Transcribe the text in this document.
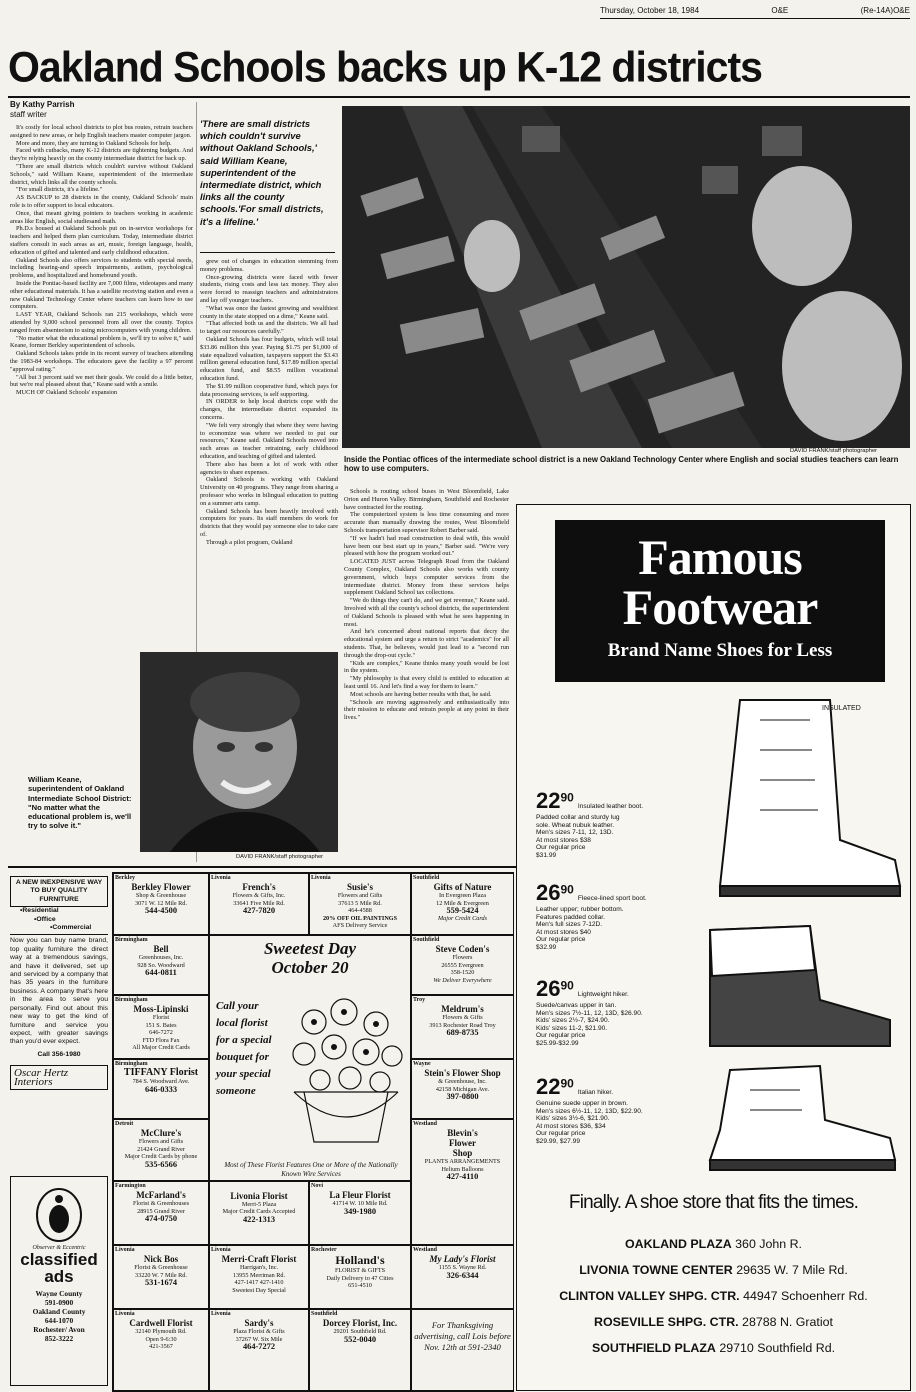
Thursday, October 18, 1984	O&E	(Re-14A)O&E
Oakland Schools backs up K-12 districts
By Kathy Parrish
staff writer

It's costly for local school districts to plot bus routes, retrain teachers assigned to new areas, or help English teachers master computer jargon.

More and more, they are turning to Oakland Schools for help.

Faced with cutbacks, many K-12 districts are tightening budgets. And they're relying heavily on the county intermediate district for back up.

"There are small districts which couldn't survive without Oakland Schools," said William Keane, superintendent of the intermediate district, which links all the county schools.

"For small districts, it's a lifeline."

AS BACKUP to 28 districts in the county, Oakland Schools' main role is to offer support to local educators.

Once, that meant giving pointers to teachers working in academic areas like English, social studiesand math.

Ph.D.s housed at Oakland Schools put on in-service workshops for teachers and helped them plan curriculum. Today, intermediate district staffers consult in such areas as art, music, foreign language, health, education of gifted and talented and early childhood education.

Oakland Schools also offers services to students with special needs, including hearing-and speech impairments, autism, psychological problems, and hospitalized and homebound youth.

Inside the Pontiac-based facility are 7,000 films, videotapes and many other educational materials. It has a satellite receiving station and even a new Oakland Technology Center where teachers can learn how to use computers.

LAST YEAR, Oakland Schools ran 215 workshops, which were attended by 9,000 school personnel from all over the county. Topics ranged from absenteeism to using microcomputers with young children.

"No matter what the educational problem is, we'll try to solve it," said Keane, former Berkley superintendent of schools.

Oakland Schools takes pride in its recent survey of teachers attending the 1983-84 workshops. The educators gave the facility a 97 percent "approval rating."

"All but 3 percent said we met their goals. We could do a little better, but we're real pleased about that," Keane said with a smile.

MUCH OF Oakland Schools' expansion

'There are small districts which couldn't survive without Oakland Schools,' said William Keane, superintendent of the intermediate district, which links all the county schools.'For small districts, it's a lifeline.'

grew out of changes in education stemming from money problems.

Once-growing districts were faced with fewer students, rising costs and less tax money. They also were forced to reassign teachers and administrators and lay off younger teachers.

"What was once the fastest growing and wealthiest county in the state stopped on a dime," Keane said.

"That affected both us and the districts. We all had to target our resources carefully."

Oakland Schools has four budgets, which will total $33.86 million this year. Paying $1.75 per $1,000 of state equalized valuation, taxpayers support the $3.43 million general education fund, $17.89 million special education fund, and $8.55 million vocational education fund.

The $1.99 million cooperative fund, which pays for data processing services, is self supporting.

IN ORDER to help local districts cope with the changes, the intermediate district expanded its concerns.

"We felt very strongly that where they were having to economize was where we needed to put our resources," Keane said. Oakland Schools moved into such areas as teacher retraining, early childhood education, and teaching of gifted and talented.

There also has been a lot of work with other agencies to share expenses.

Oakland Schools is working with Oakland University on 40 programs. They range from sharing a professor who works in bilingual education to putting on a summer arts camp.

Oakland Schools has been heavily involved with computers for years. Its staff members do work for districts that they would pay someone else to take care of.

Through a pilot program, Oakland

DAVID FRANK/staff photographer
Inside the Pontiac offices of the intermediate school district is a new Oakland Technology Center where English and social studies teachers can learn how to use computers.

Schools is routing school buses in West Bloomfield, Lake Orion and Huron Valley. Birmingham, Southfield and Rochester have contracted for the routing.

The computerized system is less time consuming and more accurate than manually drawing the routes, West Bloomfield Schools transportation supervisor Robert Barber said.

"If we hadn't had road construction to deal with, this would have been our best start up in years," Barber said. "We're very pleased with how the program worked out."

LOCATED JUST across Telegraph Road from the Oakland County Complex, Oakland Schools also works with county government, which buys computer services from the intermediate district. Money from these services helps supplement Oakland School tax collections.

"We do things they can't do, and we get revenue," Keane said. Involved with all the county's school districts, the superintendent of Oakland Schools is pleased with what he sees happening in most.

And he's concerned about national reports that decry the educational system and urge a return to strict "academics" for all students. That, he believes, would just lead to a "second run through the drop-out cycle."

"Kids are complex," Keane thinks many youth would be lost in the system.

"My philosophy is that every child is entitled to education at least until 16. And let's find a way for them to learn."

Most schools are having better results with that, he said.

"Schools are moving aggressively and enthusiastically into their mission to educate and retrain people at any point in their lives."

William Keane, superintendent of Oakland Intermediate School District: "No matter what the educational problem is, we'll try to solve it."
DAVID FRANK/staff photographer
A NEW INEXPENSIVE WAY TO BUY QUALITY FURNITURE
•Residential
•Office
•Commercial
Now you can buy name brand, top quality furniture the direct way at a tremendous savings, and have it delivered, set up and serviced by a company that has 35 years in the furniture business. A company that's here in the area to serve you personally. Find out about this new way to get the kind of furniture and service you expect, with greater savings than you'd ever expect.
Call 356-1980
Oscar Hertz
Interiors
Observer & Eccentric
classified
ads
Wayne County
591-0900
Oakland County
644-1070
Rochester/ Avon
852-3222
Berkley
Berkley Flower
Shop & Greenhouse
3071 W. 12 Mile Rd.
544-4500
Livonia
French's
Flowers & Gifts, Inc.
33641 Five Mile Rd.
427-7820
Livonia
Susie's
Flowers and Gifts
37613 5 Mile Rd.
464-4588
20% OFF OIL PAINTINGS
AFS Delivery Service
Southfield
Gifts of Nature
In Evergreen Plaza
12 Mile & Evergreen
559-5424
Major Credit Cards
Birmingham
Bell
Greenhouses, Inc.
928 So. Woodward
644-0811
Birmingham
Moss-Lipinski
Florist
151 S. Bates
646-7272
FTD Flora Fax
All Major Credit Cards
Birmingham
TIFFANY Florist
784 S. Woodward Ave.
646-0333
Detroit
McClure's
Flowers and Gifts
21424 Grand River
Major Credit Cards by phone
535-6566
Sweetest Day
October 20
Call your local florist for a special bouquet for your special someone
Most of These Florist Features One or More of the Nationally Known Wire Services
Southfield
Steve Coden's
Flowers
26555 Evergreen
358-1520
We Deliver Everywhere
Troy
Meldrum's
Flowers & Gifts
3913 Rochester Road Troy
689-8735
Wayne
Stein's Flower Shop
& Greenhouse, Inc.
42158 Michigan Ave.
397-0800
Westland
Blevin's
Flower
Shop
PLANTS ARRANGEMENTS
Helium Balloons
427-4110
Farmington
McFarland's
Florist & Greenhouses
28915 Grand River
474-0750
Livonia Florist
Merri-5 Plaza
Major Credit Cards Accepted
422-1313
Novi
La Fleur Florist
41714 W. 10 Mile Rd.
349-1980
Livonia
Nick Bos
Florist & Greenhouse
33220 W. 7 Mile Rd.
531-1674
Livonia
Merri-Craft Florist
Harrigan's, Inc.
13955 Merriman Rd.
427-1417 427-1410
Sweetest Day Special
Rochester
Holland's
FLORIST & GIFTS
Daily Delivery to 47 Cities
651-4510
Westland
My Lady's Florist
1155 S. Wayne Rd.
326-6344
Livonia
Cardwell Florist
32140 Plymouth Rd.
Open 9-6:30
421-3567
Livonia
Sardy's
Plaza Florist & Gifts
37267 W. Six Mile
464-7272
Southfield
Dorcey Florist, Inc.
29201 Southfield Rd.
552-0040
For Thanksgiving advertising, call Lois before Nov. 12th at 591-2340
Famous
Footwear
Brand Name Shoes for Less
INSULATED
$22^{90}$ Insulated leather boot.
Padded collar and sturdy lug
sole. Wheat nubuk leather.
Men's sizes 7-11, 12, 13D.
At most stores $38
Our regular price
$31.99
$26^{90}$ Fleece-lined sport boot.
Leather upper; rubber bottom.
Features padded collar.
Men's full sizes 7-12D.
At most stores $40
Our regular price
$32.99
$26^{90}$ Lightweight hiker.
Suede/canvas upper in tan.
Men's sizes 7½-11, 12, 13D, $26.90.
Kids' sizes 2½-7, $24.90.
Kids' sizes 11-2, $21.90.
Our regular price
$25.99-$32.99
$22^{90}$ Italian hiker.
Genuine suede upper in brown.
Men's sizes 6½-11, 12, 13D, $22.90.
Kids' sizes 3½-6, $21.90.
At most stores $36, $34
Our regular price
$29.99, $27.99
Finally. A shoe store that fits the times.
OAKLAND PLAZA 360 John R.
LIVONIA TOWNE CENTER 29635 W. 7 Mile Rd.
CLINTON VALLEY SHPG. CTR. 44947 Schoenherr Rd.
ROSEVILLE SHPG. CTR. 28788 N. Gratiot
SOUTHFIELD PLAZA 29710 Southfield Rd.
